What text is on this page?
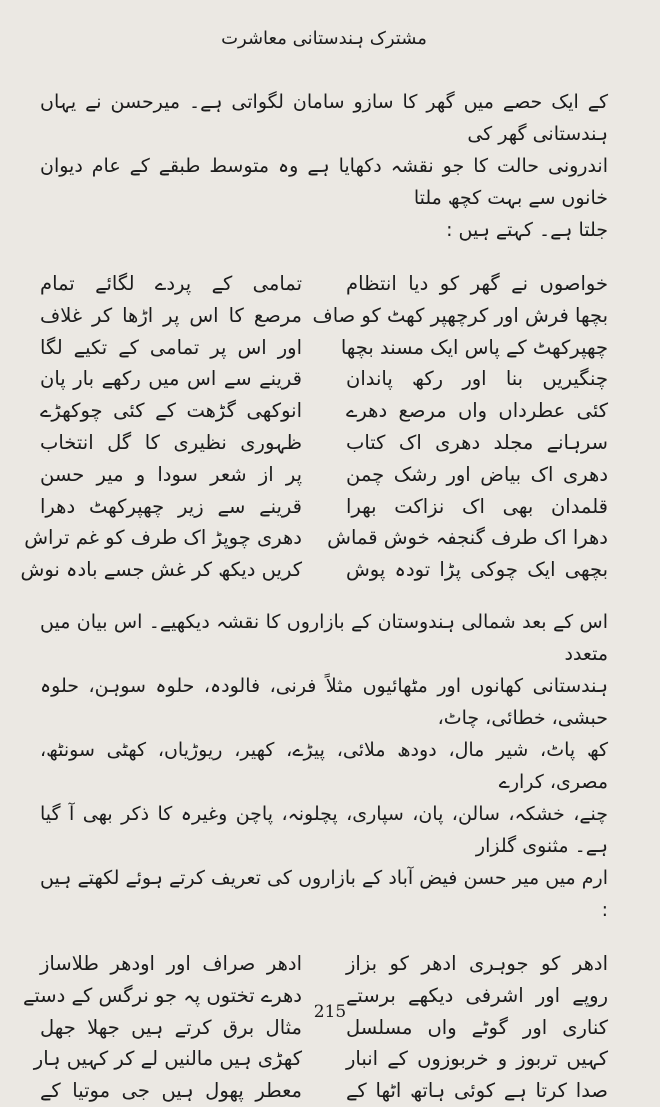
مشترک ہندستانی معاشرت

کے ایک حصے میں گھر کا سازو سامان لگواتی ہے۔ میرحسن نے یہاں ہندستانی گھر کی

اندرونی حالت کا جو نقشہ دکھایا ہے وہ متوسط طبقے کے عام دیوان خانوں سے بہت کچھ ملتا

جلتا ہے۔ کہتے ہیں :

خواصوں نے گھر کو دیا انتظام
بچھا فرش اور کرچھپر کھٹ کو صاف
چھپرکھٹ کے پاس ایک مسند بچھا
چنگیریں بنا اور رکھ پاندان
کئی عطرداں واں مرصع دھرے
سرہانے مجلد دھری اک کتاب
دھری اک بیاض اور رشک چمن
قلمدان بھی اک نزاکت بھرا
دھرا اک طرف گنجفہ خوش قماش
بچھی ایک چوکی پڑا تودہ پوش
تمامی کے پردے لگائے تمام
مرصع کا اس پر اڑھا کر غلاف
اور اس پر تمامی کے تکیے لگا
قرینے سے اس میں رکھے بار پان
انوکھی گڑھت کے کئی چوکھڑے
ظہوری نظیری کا گل انتخاب
پر از شعر سودا و میر حسن
قرینے سے زیر چھپرکھٹ دھرا
دھری چوپڑ اک طرف کو غم تراش
کریں دیکھ کر غش جسے بادہ نوش

اس کے بعد شمالی ہندوستان کے بازاروں کا نقشہ دیکھیے۔ اس بیان میں متعدد

ہندستانی کھانوں اور مٹھائیوں مثلاً فرنی، فالودہ، حلوہ سوہن، حلوہ حبشی، خطائی، چاٹ،

کھ پاٹ، شیر مال، دودھ ملائی، پیڑے، کھیر، ریوڑیاں، کھٹی سونٹھ، مصری، کرارے

چنے، خشکہ، سالن، پان، سپاری، پچلونہ، پاچن وغیرہ کا ذکر بھی آ گیا ہے۔ مثنوی گلزار

ارم میں میر حسن فیض آباد کے بازاروں کی تعریف کرتے ہوئے لکھتے ہیں :

ادھر کو جوہری ادھر کو بزاز
روپے اور اشرفی دیکھے برستے
کناری اور گوٹے واں مسلسل
کہیں تربوز و خربوزوں کے انبار
صدا کرتا ہے کوئی ہاتھ اٹھا کے
ادھر صراف اور اودھر طلاساز
دھرے تختوں پہ جو نرگس کے دستے
مثال برق کرتے ہیں جھلا جھل
کھڑی ہیں مالنیں لے کر کہیں ہار
معطر پھول ہیں جی موتیا کے
215
